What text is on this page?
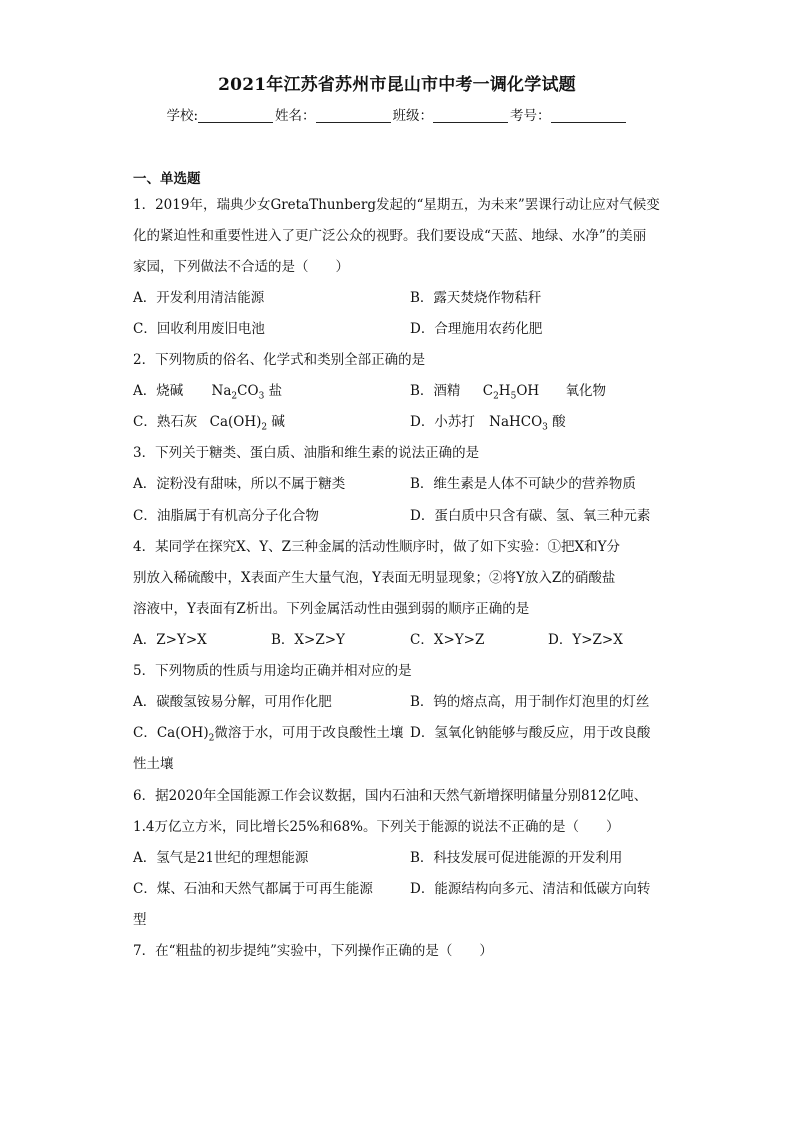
2021年江苏省苏州市昆山市中考一调化学试题
学校:	姓名：	班级：	考号：
一、单选题
1．2019年，瑞典少女GretaThunberg发起的“星期五，为未来”罢课行动让应对气候变
化的紧迫性和重要性进入了更广泛公众的视野。我们要设成“天蓝、地绿、水净”的美丽
家园，下列做法不合适的是（　　）
A．开发利用清洁能源	B．露天焚烧作物秸秆
C．回收利用废旧电池	D．合理施用农药化肥
2．下列物质的俗名、化学式和类别全部正确的是
A．烧碱 $Na_2CO_3$ 盐	B．酒精 $C_2H_5OH$ 氧化物
C．熟石灰 $Ca(OH)_2$ 碱	D．小苏打 NaHCO$_3$ 酸
3．下列关于糖类、蛋白质、油脂和维生素的说法正确的是
A．淀粉没有甜味，所以不属于糖类	B．维生素是人体不可缺少的营养物质
C．油脂属于有机高分子化合物	D．蛋白质中只含有碳、氢、氧三种元素
4．某同学在探究X、Y、Z三种金属的活动性顺序时，做了如下实验：①把X和Y分
别放入稀硫酸中，X表面产生大量气泡，Y表面无明显现象；②将Y放入Z的硝酸盐
溶液中，Y表面有Z析出。下列金属活动性由强到弱的顺序正确的是
A．Z>Y>X	B．X>Z>Y	C．X>Y>Z	D．Y>Z>X
5．下列物质的性质与用途均正确并相对应的是
A．碳酸氢铵易分解，可用作化肥	B．钨的熔点高，用于制作灯泡里的灯丝
C．$Ca(OH)_2$微溶于水，可用于改良酸性土壤 D．氢氧化钠能够与酸反应，用于改良酸
性土壤
6．据2020年全国能源工作会议数据，国内石油和天然气新增探明储量分别812亿吨、
1.4万亿立方米，同比增长25%和68%。下列关于能源的说法不正确的是（　　）
A．氢气是21世纪的理想能源	B．科技发展可促进能源的开发利用
C．煤、石油和天然气都属于可再生能源	D．能源结构向多元、清洁和低碳方向转
型
7．在“粗盐的初步提纯”实验中，下列操作正确的是（　　）
